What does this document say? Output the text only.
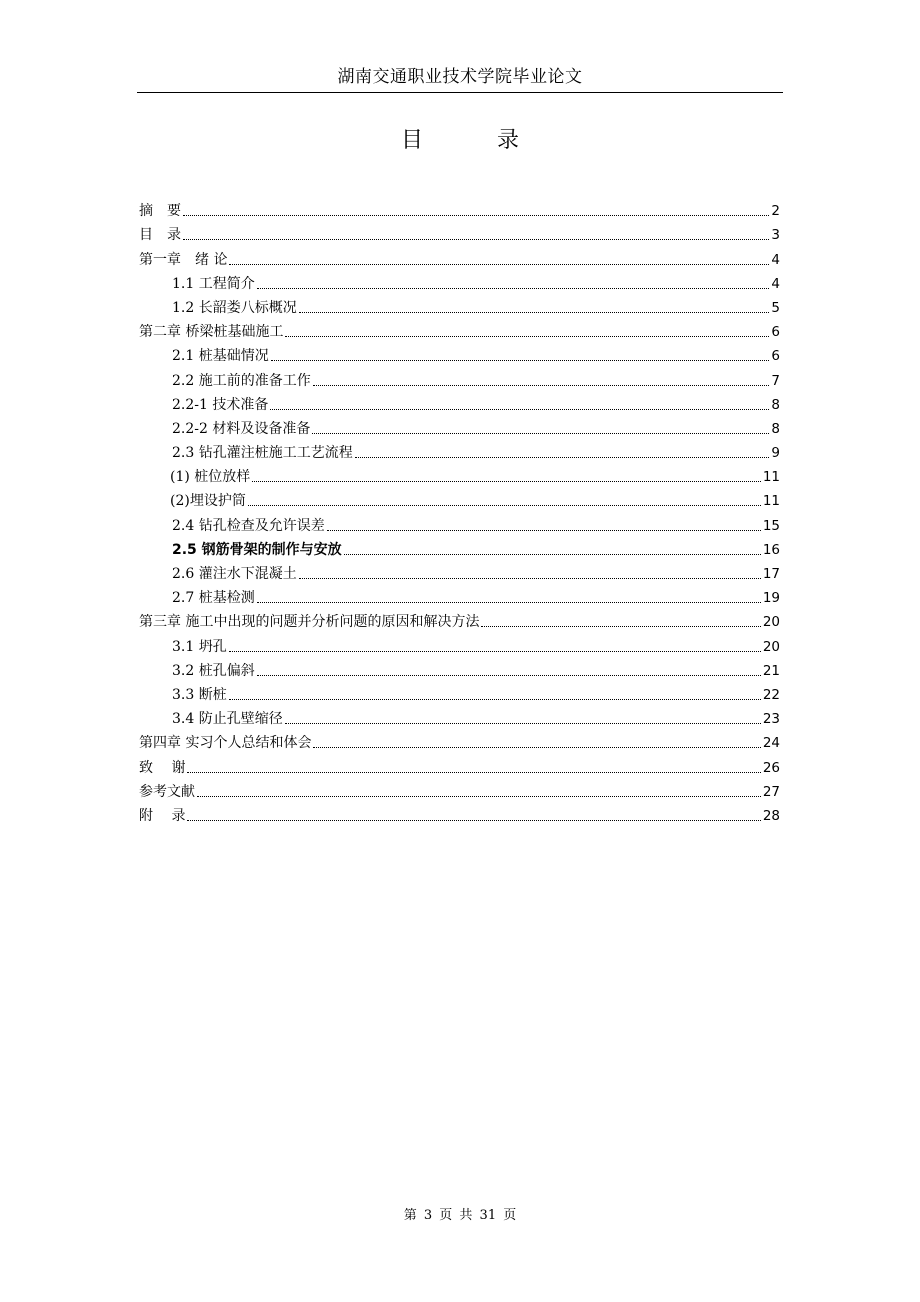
湖南交通职业技术学院毕业论文
目　录
摘　要	2
目　录	3
第一章　绪 论	4
1.1 工程简介	4
1.2 长韶娄八标概况	5
第二章 桥梁桩基础施工	6
2.1 桩基础情况	6
2.2 施工前的准备工作	7
2.2-1 技术准备	8
2.2-2 材料及设备准备	8
2.3 钻孔灌注桩施工工艺流程	9
(1) 桩位放样	11
(2)埋设护筒	11
2.4 钻孔检查及允许误差	15
2.5 钢筋骨架的制作与安放	16
2.6 灌注水下混凝土	17
2.7 桩基检测	19
第三章 施工中出现的问题并分析问题的原因和解决方法	20
3.1 坍孔	20
3.2 桩孔偏斜	21
3.3 断桩	22
3.4 防止孔壁缩径	23
第四章 实习个人总结和体会	24
致　 谢	26
参考文献	27
附　 录	28
第 3 页 共 31 页
